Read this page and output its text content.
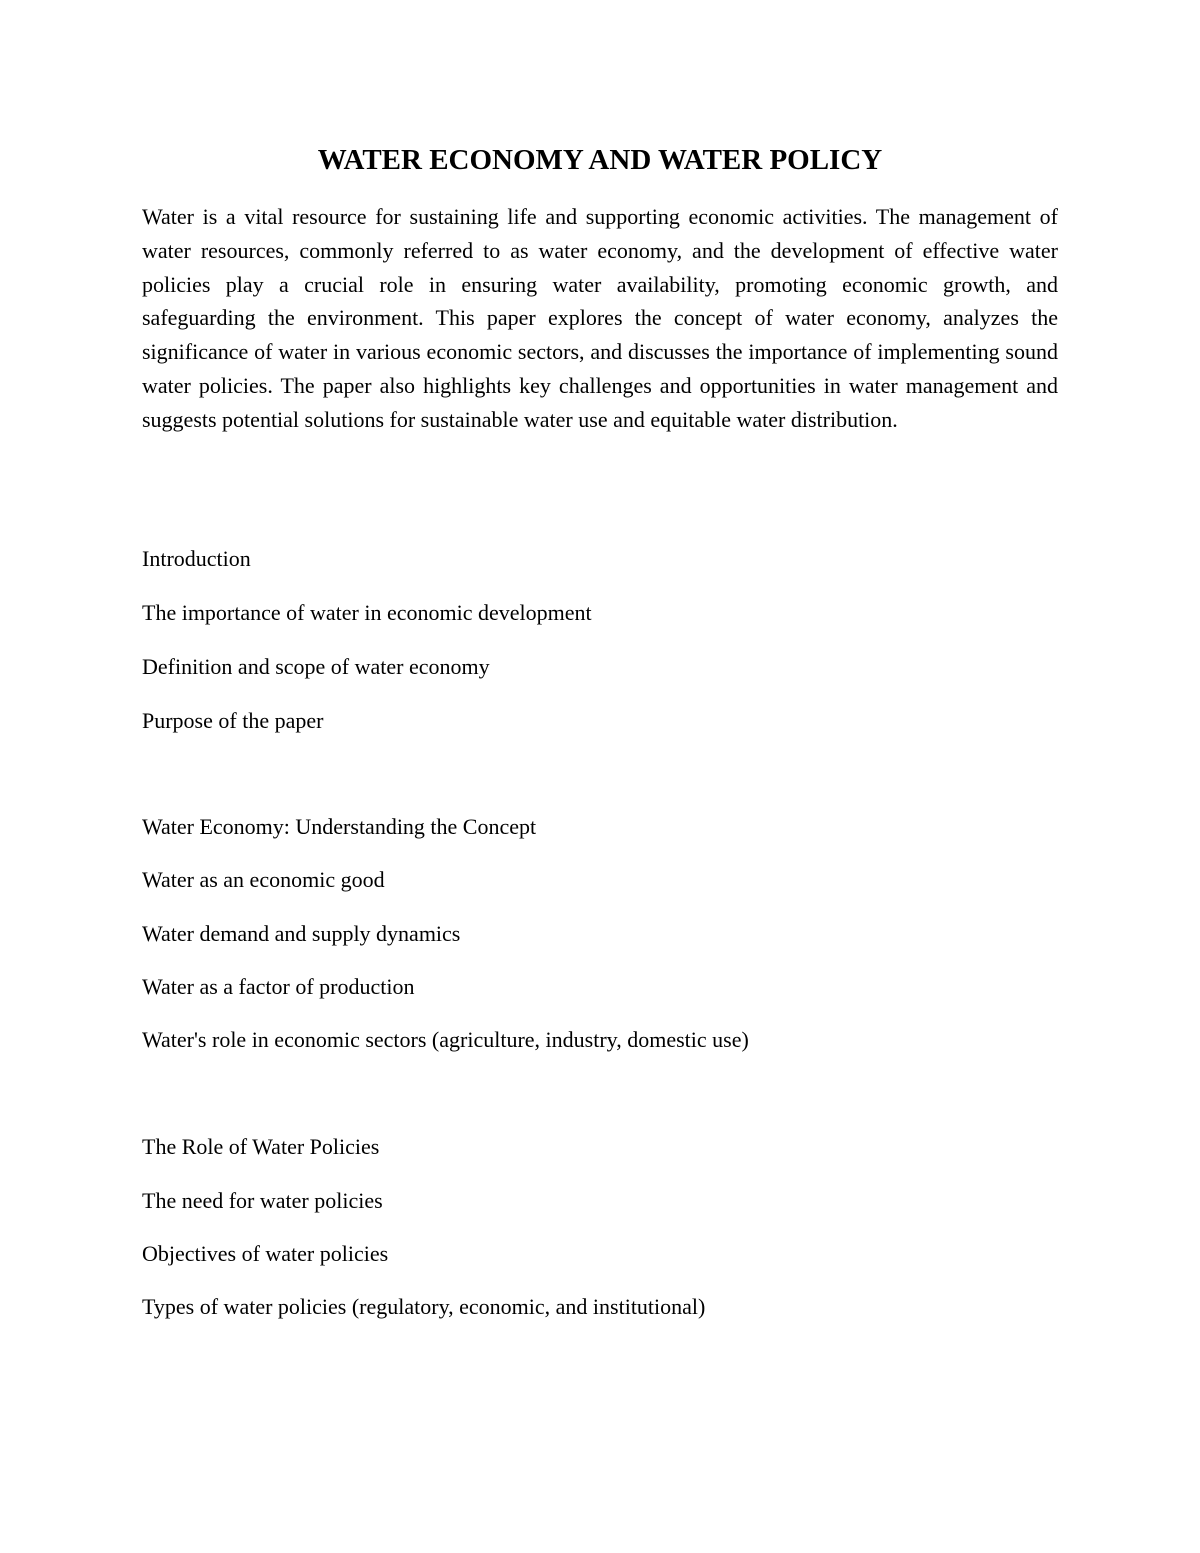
WATER ECONOMY AND WATER POLICY

Water is a vital resource for sustaining life and supporting economic activities. The management of water resources, commonly referred to as water economy, and the development of effective water policies play a crucial role in ensuring water availability, promoting economic growth, and safeguarding the environment. This paper explores the concept of water economy, analyzes the significance of water in various economic sectors, and discusses the importance of implementing sound water policies. The paper also highlights key challenges and opportunities in water management and suggests potential solutions for sustainable water use and equitable water distribution.

Introduction

The importance of water in economic development

Definition and scope of water economy

Purpose of the paper

Water Economy: Understanding the Concept

Water as an economic good

Water demand and supply dynamics

Water as a factor of production

Water's role in economic sectors (agriculture, industry, domestic use)

The Role of Water Policies

The need for water policies

Objectives of water policies

Types of water policies (regulatory, economic, and institutional)
